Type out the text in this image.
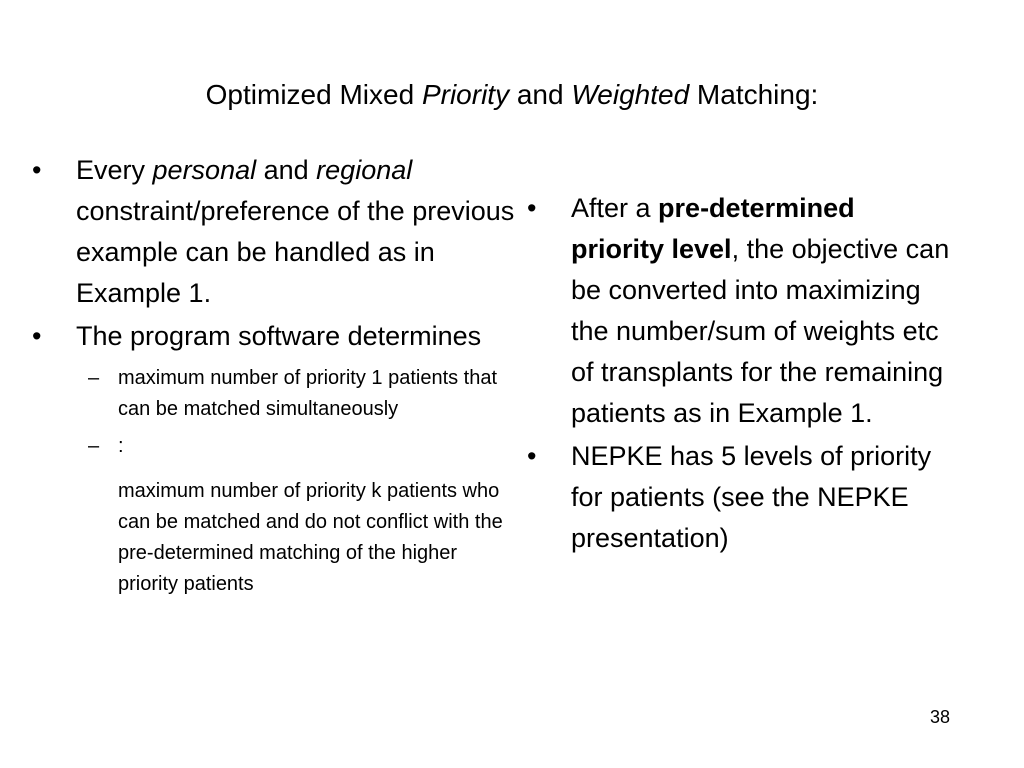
Optimized Mixed Priority and Weighted Matching:
•	Every personal and regional constraint/preference of the previous example can be handled as in Example 1.
•	The program software determines
– maximum number of priority 1 patients that can be matched simultaneously
– :
maximum number of priority k patients who can be matched and do not conflict with the pre-determined matching of the higher priority patients
•	After a pre-determined priority level, the objective can be converted into maximizing the number/sum of weights etc of transplants for the remaining patients as in Example 1.
•	NEPKE has 5 levels of priority for patients (see the NEPKE presentation)
38
